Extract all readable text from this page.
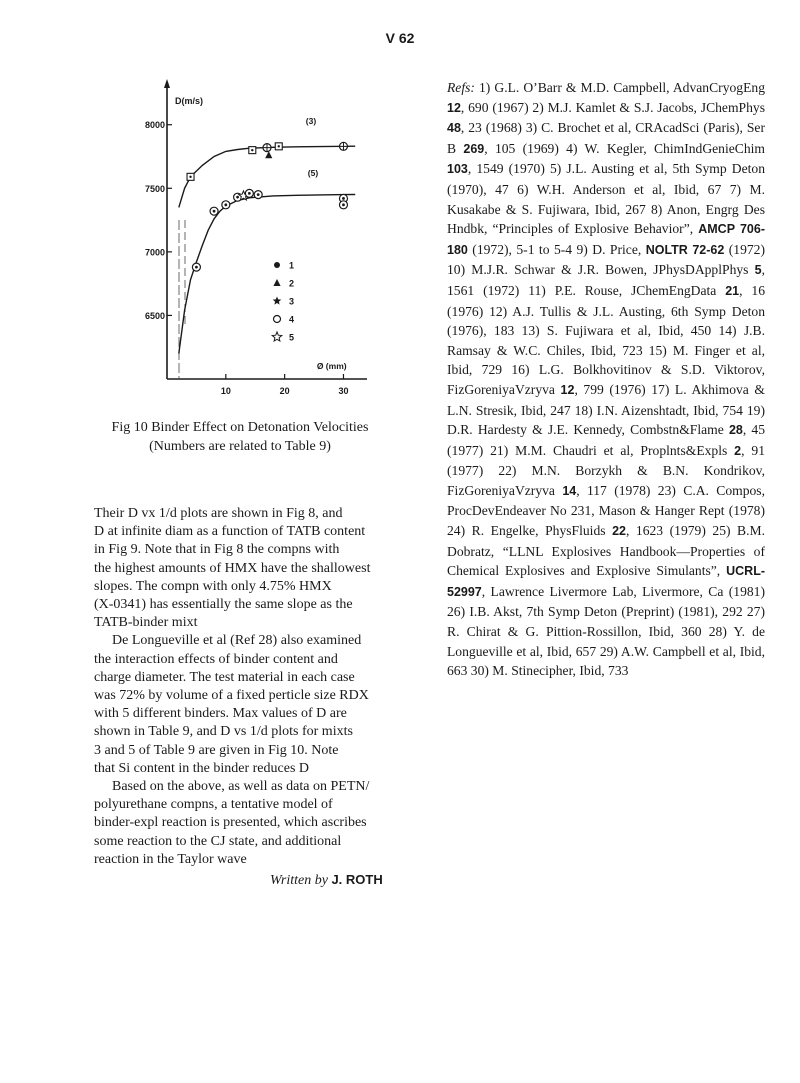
V 62
D(m/s)
Ø (mm)
8000
7500
7000
6500
10	20	30
(3)
(5)
1
2
3
4
5
Fig 10 Binder Effect on Detonation Velocities
(Numbers are related to Table 9)

Their D vx 1/d plots are shown in Fig 8, and
D at infinite diam as a function of TATB content
in Fig 9. Note that in Fig 8 the compns with
the highest amounts of HMX have the shallowest
slopes. The compn with only 4.75% HMX
(X-0341) has essentially the same slope as the
TATB-binder mixt

De Longueville et al (Ref 28) also examined
the interaction effects of binder content and
charge diameter. The test material in each case
was 72% by volume of a fixed perticle size RDX
with 5 different binders. Max values of D are
shown in Table 9, and D vs 1/d plots for mixts
3 and 5 of Table 9 are given in Fig 10. Note
that Si content in the binder reduces D

Based on the above, as well as data on PETN/
polyurethane compns, a tentative model of
binder-expl reaction is presented, which ascribes
some reaction to the CJ state, and additional
reaction in the Taylor wave

Written by J. ROTH
Refs: 1) G.L. O’Barr & M.D. Campbell, AdvanCryogEng 12, 690 (1967) 2) M.J. Kamlet & S.J. Jacobs, JChemPhys 48, 23 (1968) 3) C. Brochet et al, CRAcadSci (Paris), Ser B 269, 105 (1969) 4) W. Kegler, ChimIndGenieChim 103, 1549 (1970) 5) J.L. Austing et al, 5th Symp Deton (1970), 47 6) W.H. Anderson et al, Ibid, 67 7) M. Kusakabe & S. Fujiwara, Ibid, 267 8) Anon, Engrg Des Hndbk, “Principles of Explosive Behavior”, AMCP 706-180 (1972), 5-1 to 5-4 9) D. Price, NOLTR 72-62 (1972) 10) M.J.R. Schwar & J.R. Bowen, JPhysDApplPhys 5, 1561 (1972) 11) P.E. Rouse, JChemEngData 21, 16 (1976) 12) A.J. Tullis & J.L. Austing, 6th Symp Deton (1976), 183 13) S. Fujiwara et al, Ibid, 450 14) J.B. Ramsay & W.C. Chiles, Ibid, 723 15) M. Finger et al, Ibid, 729 16) L.G. Bolkhovitinov & S.D. Viktorov, FizGoreniyaVzryva 12, 799 (1976) 17) L. Akhimova & L.N. Stresik, Ibid, 247 18) I.N. Aizenshtadt, Ibid, 754 19) D.R. Hardesty & J.E. Kennedy, Combstn&Flame 28, 45 (1977) 21) M.M. Chaudri et al, Proplnts&Expls 2, 91 (1977) 22) M.N. Borzykh & B.N. Kondrikov, FizGoreniyaVzryva 14, 117 (1978) 23) C.A. Compos, ProcDevEndeaver No 231, Mason & Hanger Rept (1978) 24) R. Engelke, PhysFluids 22, 1623 (1979) 25) B.M. Dobratz, “LLNL Explosives Handbook—Properties of Chemical Explosives and Explosive Simulants”, UCRL-52997, Lawrence Livermore Lab, Livermore, Ca (1981) 26) I.B. Akst, 7th Symp Deton (Preprint) (1981), 292 27) R. Chirat & G. Pittion-Rossillon, Ibid, 360 28) Y. de Longueville et al, Ibid, 657 29) A.W. Campbell et al, Ibid, 663 30) M. Stinecipher, Ibid, 733
